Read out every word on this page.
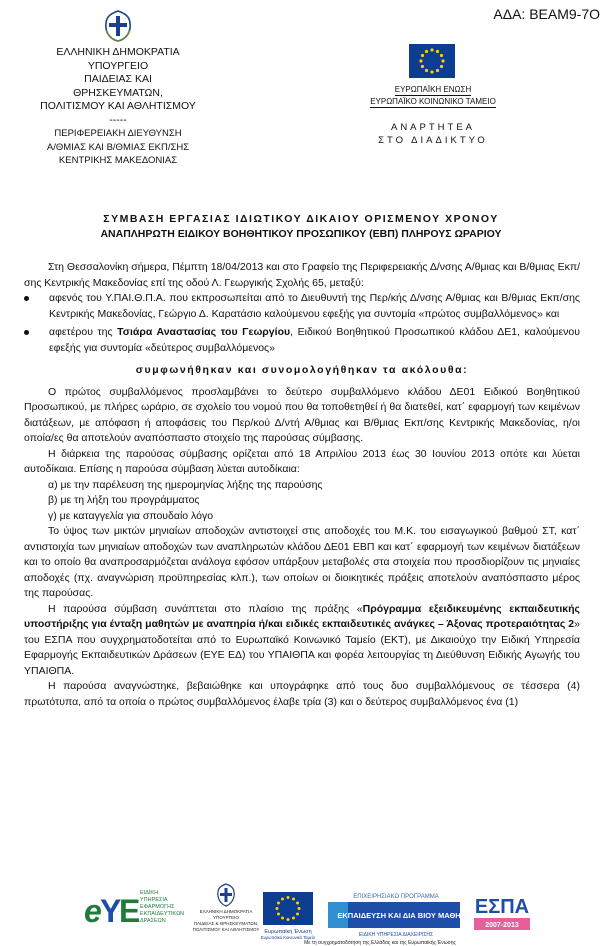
ΑΔΑ: ΒΕΑΜ9-7Ο
ΕΛΛΗΝΙΚΗ ΔΗΜΟΚΡΑΤΙΑ
ΥΠΟΥΡΓΕΙΟ
ΠΑΙΔΕΙΑΣ ΚΑΙ ΘΡΗΣΚΕΥΜΑΤΩΝ,
ΠΟΛΙΤΙΣΜΟΥ ΚΑΙ ΑΘΛΗΤΙΣΜΟΥ
-----
ΠΕΡΙΦΕΡΕΙΑΚΗ ΔΙΕΥΘΥΝΣΗ
Α/ΘΜΙΑΣ ΚΑΙ Β/ΘΜΙΑΣ ΕΚΠ/ΣΗΣ
ΚΕΝΤΡΙΚΗΣ ΜΑΚΕΔΟΝΙΑΣ
ΕΥΡΩΠΑΪΚΗ ΕΝΩΣΗ
ΕΥΡΩΠΑΪΚΟ ΚΟΙΝΩΝΙΚΟ ΤΑΜΕΙΟ
ΑΝΑΡΤΗΤΕΑ
ΣΤΟ ΔΙΑΔΙΚΤΥΟ
ΣΥΜΒΑΣΗ ΕΡΓΑΣΙΑΣ ΙΔΙΩΤΙΚΟΥ ΔΙΚΑΙΟΥ ΟΡΙΣΜΕΝΟΥ ΧΡΟΝΟΥ
ΑΝΑΠΛΗΡΩΤΗ ΕΙΔΙΚΟΥ ΒΟΗΘΗΤΙΚΟΥ ΠΡΟΣΩΠΙΚΟΥ (ΕΒΠ) ΠΛΗΡΟΥΣ ΩΡΑΡΙΟΥ

Στη Θεσσαλονίκη σήμερα, Πέμπτη 18/04/2013 και στο Γραφείο της Περιφερειακής Δ/νσης Α/θμιας και Β/θμιας Εκπ/σης Κεντρικής Μακεδονίας επί της οδού Λ. Γεωργικής Σχολής 65, μεταξύ:

αφενός του Υ.ΠΑΙ.Θ.Π.Α. που εκπροσωπείται από το Διευθυντή της Περ/κής Δ/νσης Α/θμιας και Β/θμιας Εκπ/σης Κεντρικής Μακεδονίας, Γεώργιο Δ. Καρατάσιο καλούμενου εφεξής για συντομία «πρώτος συμβαλλόμενος» και
αφετέρου της Τσιάρα Αναστασίας του Γεωργίου, Ειδικού Βοηθητικού Προσωπικού κλάδου ΔΕ1, καλούμενου εφεξής για συντομία «δεύτερος συμβαλλόμενος»
συμφωνήθηκαν και συνομολογήθηκαν τα ακόλουθα:

Ο πρώτος συμβαλλόμενος προσλαμβάνει το δεύτερο συμβαλλόμενο κλάδου ΔΕ01 Ειδικού Βοηθητικού Προσωπικού, με πλήρες ωράριο, σε σχολείο του νομού που θα τοποθετηθεί ή θα διατεθεί, κατ΄ εφαρμογή των κειμένων διατάξεων, με απόφαση ή αποφάσεις του Περ/κού Δ/ντή Α/θμιας και Β/θμιας Εκπ/σης Κεντρικής Μακεδονίας, η/οι οποία/ες θα αποτελούν αναπόσπαστο στοιχείο της παρούσας σύμβασης.

Η διάρκεια της παρούσας σύμβασης ορίζεται από 18 Απριλίου 2013 έως 30 Ιουνίου 2013 οπότε και λύεται αυτοδίκαια. Επίσης η παρούσα σύμβαση λύεται αυτοδίκαια:

α) με την παρέλευση της ημερομηνίας λήξης της παρούσης
β) με τη λήξη του προγράμματος
γ) με καταγγελία για σπουδαίο λόγο

Το ύψος των μικτών μηνιαίων αποδοχών αντιστοιχεί στις αποδοχές του Μ.Κ. του εισαγωγικού βαθμού ΣΤ, κατ΄ αντιστοιχία των μηνιαίων αποδοχών των αναπληρωτών κλάδου ΔΕ01 ΕΒΠ και κατ΄ εφαρμογή των κειμένων διατάξεων και το οποίο θα αναπροσαρμόζεται ανάλογα εφόσον υπάρξουν μεταβολές στα στοιχεία που προσδιορίζουν τις μηνιαίες αποδοχές (πχ. αναγνώριση προϋπηρεσίας κλπ.), των οποίων οι διοικητικές πράξεις αποτελούν αναπόσπαστο μέρος της παρούσας.

Η παρούσα σύμβαση συνάπτεται στο πλαίσιο της πράξης «Πρόγραμμα εξειδικευμένης εκπαιδευτικής υποστήριξης για ένταξη μαθητών με αναπηρία ή/και ειδικές εκπαιδευτικές ανάγκες – Άξονας προτεραιότητας 2» του ΕΣΠΑ που συγχρηματοδοτείται από το Ευρωπαϊκό Κοινωνικό Ταμείο (ΕΚΤ), με Δικαιούχο την Ειδική Υπηρεσία Εφαρμογής Εκπαιδευτικών Δράσεων (ΕΥΕ ΕΔ) του ΥΠΑΙΘΠΑ και φορέα λειτουργίας τη Διεύθυνση Ειδικής Αγωγής του ΥΠΑΙΘΠΑ.

Η παρούσα αναγνώστηκε, βεβαιώθηκε και υπογράφηκε από τους δυο συμβαλλόμενους σε τέσσερα (4) πρωτότυπα, από τα οποία ο πρώτος συμβαλλόμενος έλαβε τρία (3) και ο δεύτερος συμβαλλόμενος ένα (1)

e
Y
E ΕΙΔΙΚΗ
ΥΠΗΡΕΣΙΑ
ΕΦΑΡΜΟΓΗΣ
ΕΚΠΑΙΔΕΥΤΙΚΩΝ
ΔΡΑΣΕΩΝ
ΕΛΛΗΝΙΚΗ ΔΗΜΟΚΡΑΤΙΑ
ΥΠΟΥΡΓΕΙΟ
ΠΑΙΔΕΙΑΣ & ΘΡΗΣΚΕΥΜΑΤΩΝ,
ΠΟΛΙΤΙΣΜΟΥ ΚΑΙ ΑΘΛΗΤΙΣΜΟΥ Ευρωπαϊκή Ένωση
Ευρωπαϊκό Κοινωνικό Ταμείο
ΕΠΙΧΕΙΡΗΣΙΑΚΟ ΠΡΟΓΡΑΜΜΑ
ΕΚΠΑΙΔΕΥΣΗ ΚΑΙ ΔΙΑ ΒΙΟΥ ΜΑΘΗΣΗ
ΕΙΔΙΚΗ ΥΠΗΡΕΣΙΑ ΔΙΑΧΕΙΡΙΣΗΣ
ΕΣΠΑ
2007-2013
Με τη συγχρηματοδότηση της Ελλάδας και της Ευρωπαϊκής Ένωσης
